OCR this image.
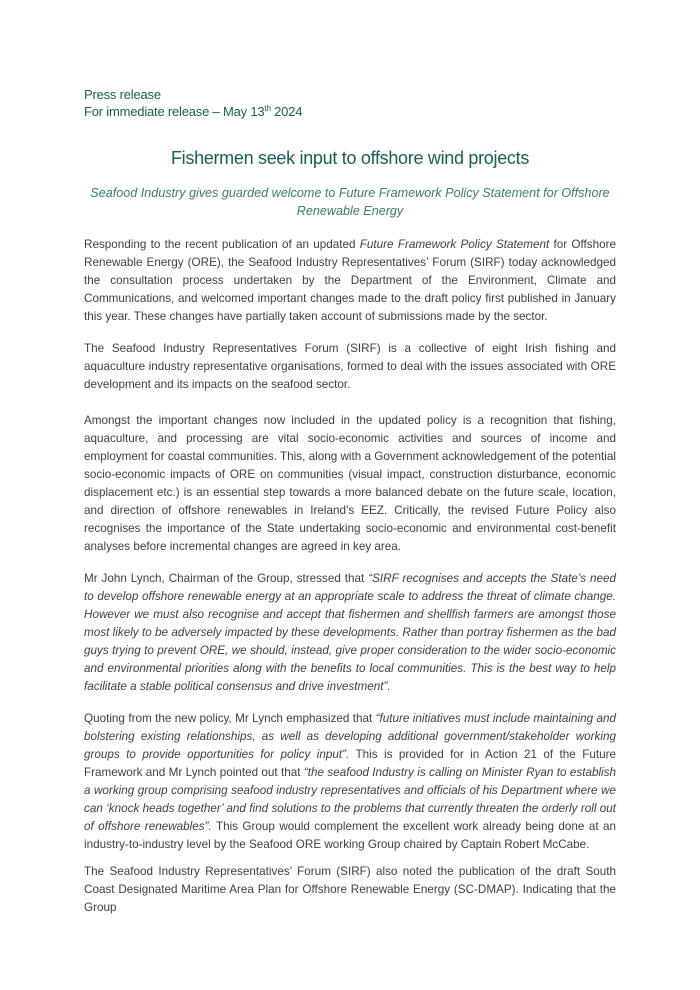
Press release
For immediate release – May 13th 2024
Fishermen seek input to offshore wind projects
Seafood Industry gives guarded welcome to Future Framework Policy Statement for Offshore Renewable Energy
Responding to the recent publication of an updated Future Framework Policy Statement for Offshore Renewable Energy (ORE), the Seafood Industry Representatives’ Forum (SIRF) today acknowledged the consultation process undertaken by the Department of the Environment, Climate and Communications, and welcomed important changes made to the draft policy first published in January this year. These changes have partially taken account of submissions made by the sector.
The Seafood Industry Representatives Forum (SIRF) is a collective of eight Irish fishing and aquaculture industry representative organisations, formed to deal with the issues associated with ORE development and its impacts on the seafood sector.
Amongst the important changes now included in the updated policy is a recognition that fishing, aquaculture, and processing are vital socio-economic activities and sources of income and employment for coastal communities. This, along with a Government acknowledgement of the potential socio-economic impacts of ORE on communities (visual impact, construction disturbance, economic displacement etc.) is an essential step towards a more balanced debate on the future scale, location, and direction of offshore renewables in Ireland’s EEZ. Critically, the revised Future Policy also recognises the importance of the State undertaking socio-economic and environmental cost-benefit analyses before incremental changes are agreed in key area.
Mr John Lynch, Chairman of the Group, stressed that “SIRF recognises and accepts the State’s need to develop offshore renewable energy at an appropriate scale to address the threat of climate change. However we must also recognise and accept that fishermen and shellfish farmers are amongst those most likely to be adversely impacted by these developments. Rather than portray fishermen as the bad guys trying to prevent ORE, we should, instead, give proper consideration to the wider socio-economic and environmental priorities along with the benefits to local communities. This is the best way to help facilitate a stable political consensus and drive investment”.
Quoting from the new policy, Mr Lynch emphasized that “future initiatives must include maintaining and bolstering existing relationships, as well as developing additional government/stakeholder working groups to provide opportunities for policy input”. This is provided for in Action 21 of the Future Framework and Mr Lynch pointed out that “the seafood Industry is calling on Minister Ryan to establish a working group comprising seafood industry representatives and officials of his Department where we can ‘knock heads together’ and find solutions to the problems that currently threaten the orderly roll out of offshore renewables”. This Group would complement the excellent work already being done at an industry-to-industry level by the Seafood ORE working Group chaired by Captain Robert McCabe.
The Seafood Industry Representatives’ Forum (SIRF) also noted the publication of the draft South Coast Designated Maritime Area Plan for Offshore Renewable Energy (SC-DMAP). Indicating that the Group
